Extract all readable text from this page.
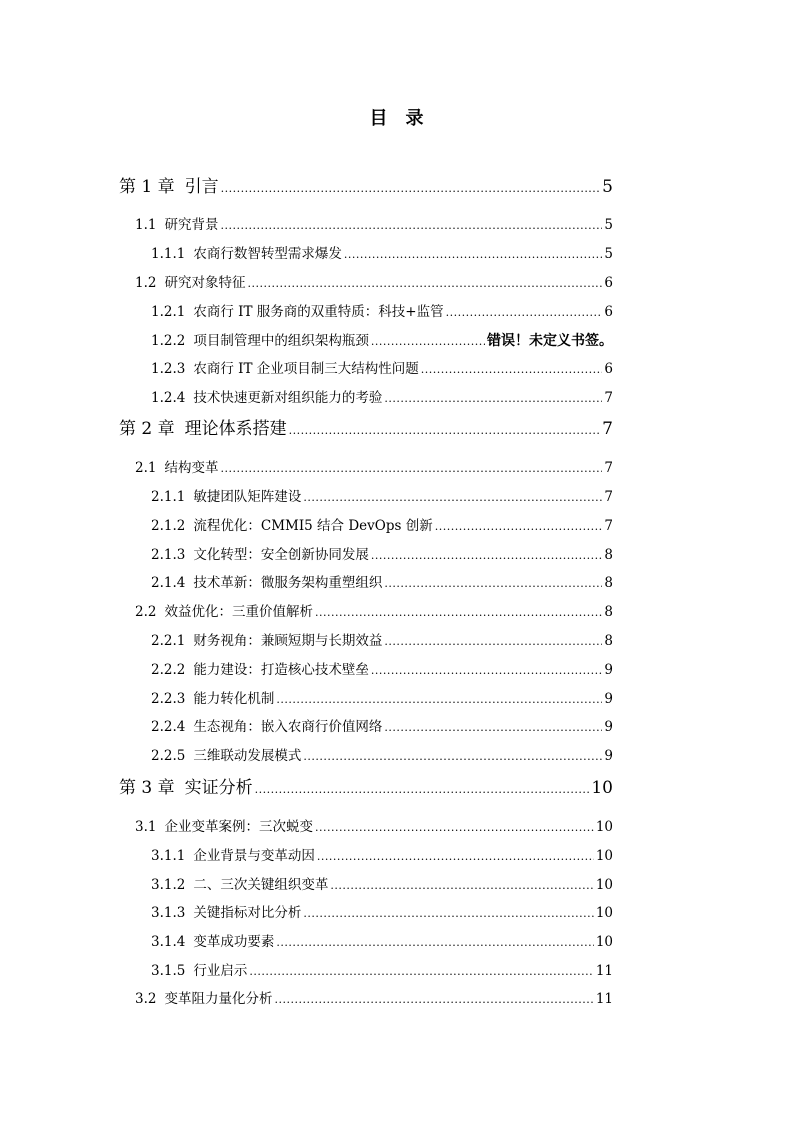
目　录
第 1 章 引言 .....	5
1.1 研究背景 .....	5
1.1.1 农商行数智转型需求爆发 .....	5
1.2 研究对象特征 .....	6
1.2.1 农商行 IT 服务商的双重特质：科技+监管 .....	6
1.2.2 项目制管理中的组织架构瓶颈 .....	错误！未定义书签。
1.2.3 农商行 IT 企业项目制三大结构性问题 .....	6
1.2.4 技术快速更新对组织能力的考验 .....	7
第 2 章 理论体系搭建 .....	7
2.1 结构变革 .....	7
2.1.1 敏捷团队矩阵建设 .....	7
2.1.2 流程优化：CMMI5 结合 DevOps 创新 .....	7
2.1.3 文化转型：安全创新协同发展 .....	8
2.1.4 技术革新：微服务架构重塑组织 .....	8
2.2 效益优化：三重价值解析 .....	8
2.2.1 财务视角：兼顾短期与长期效益 .....	8
2.2.2 能力建设：打造核心技术壁垒 .....	9
2.2.3 能力转化机制 .....	9
2.2.4 生态视角：嵌入农商行价值网络 .....	9
2.2.5 三维联动发展模式 .....	9
第 3 章 实证分析 .....	10
3.1 企业变革案例：三次蜕变 .....	10
3.1.1 企业背景与变革动因 .....	10
3.1.2 二、三次关键组织变革 .....	10
3.1.3 关键指标对比分析 .....	10
3.1.4 变革成功要素 .....	10
3.1.5 行业启示 .....	11
3.2 变革阻力量化分析 .....	11
